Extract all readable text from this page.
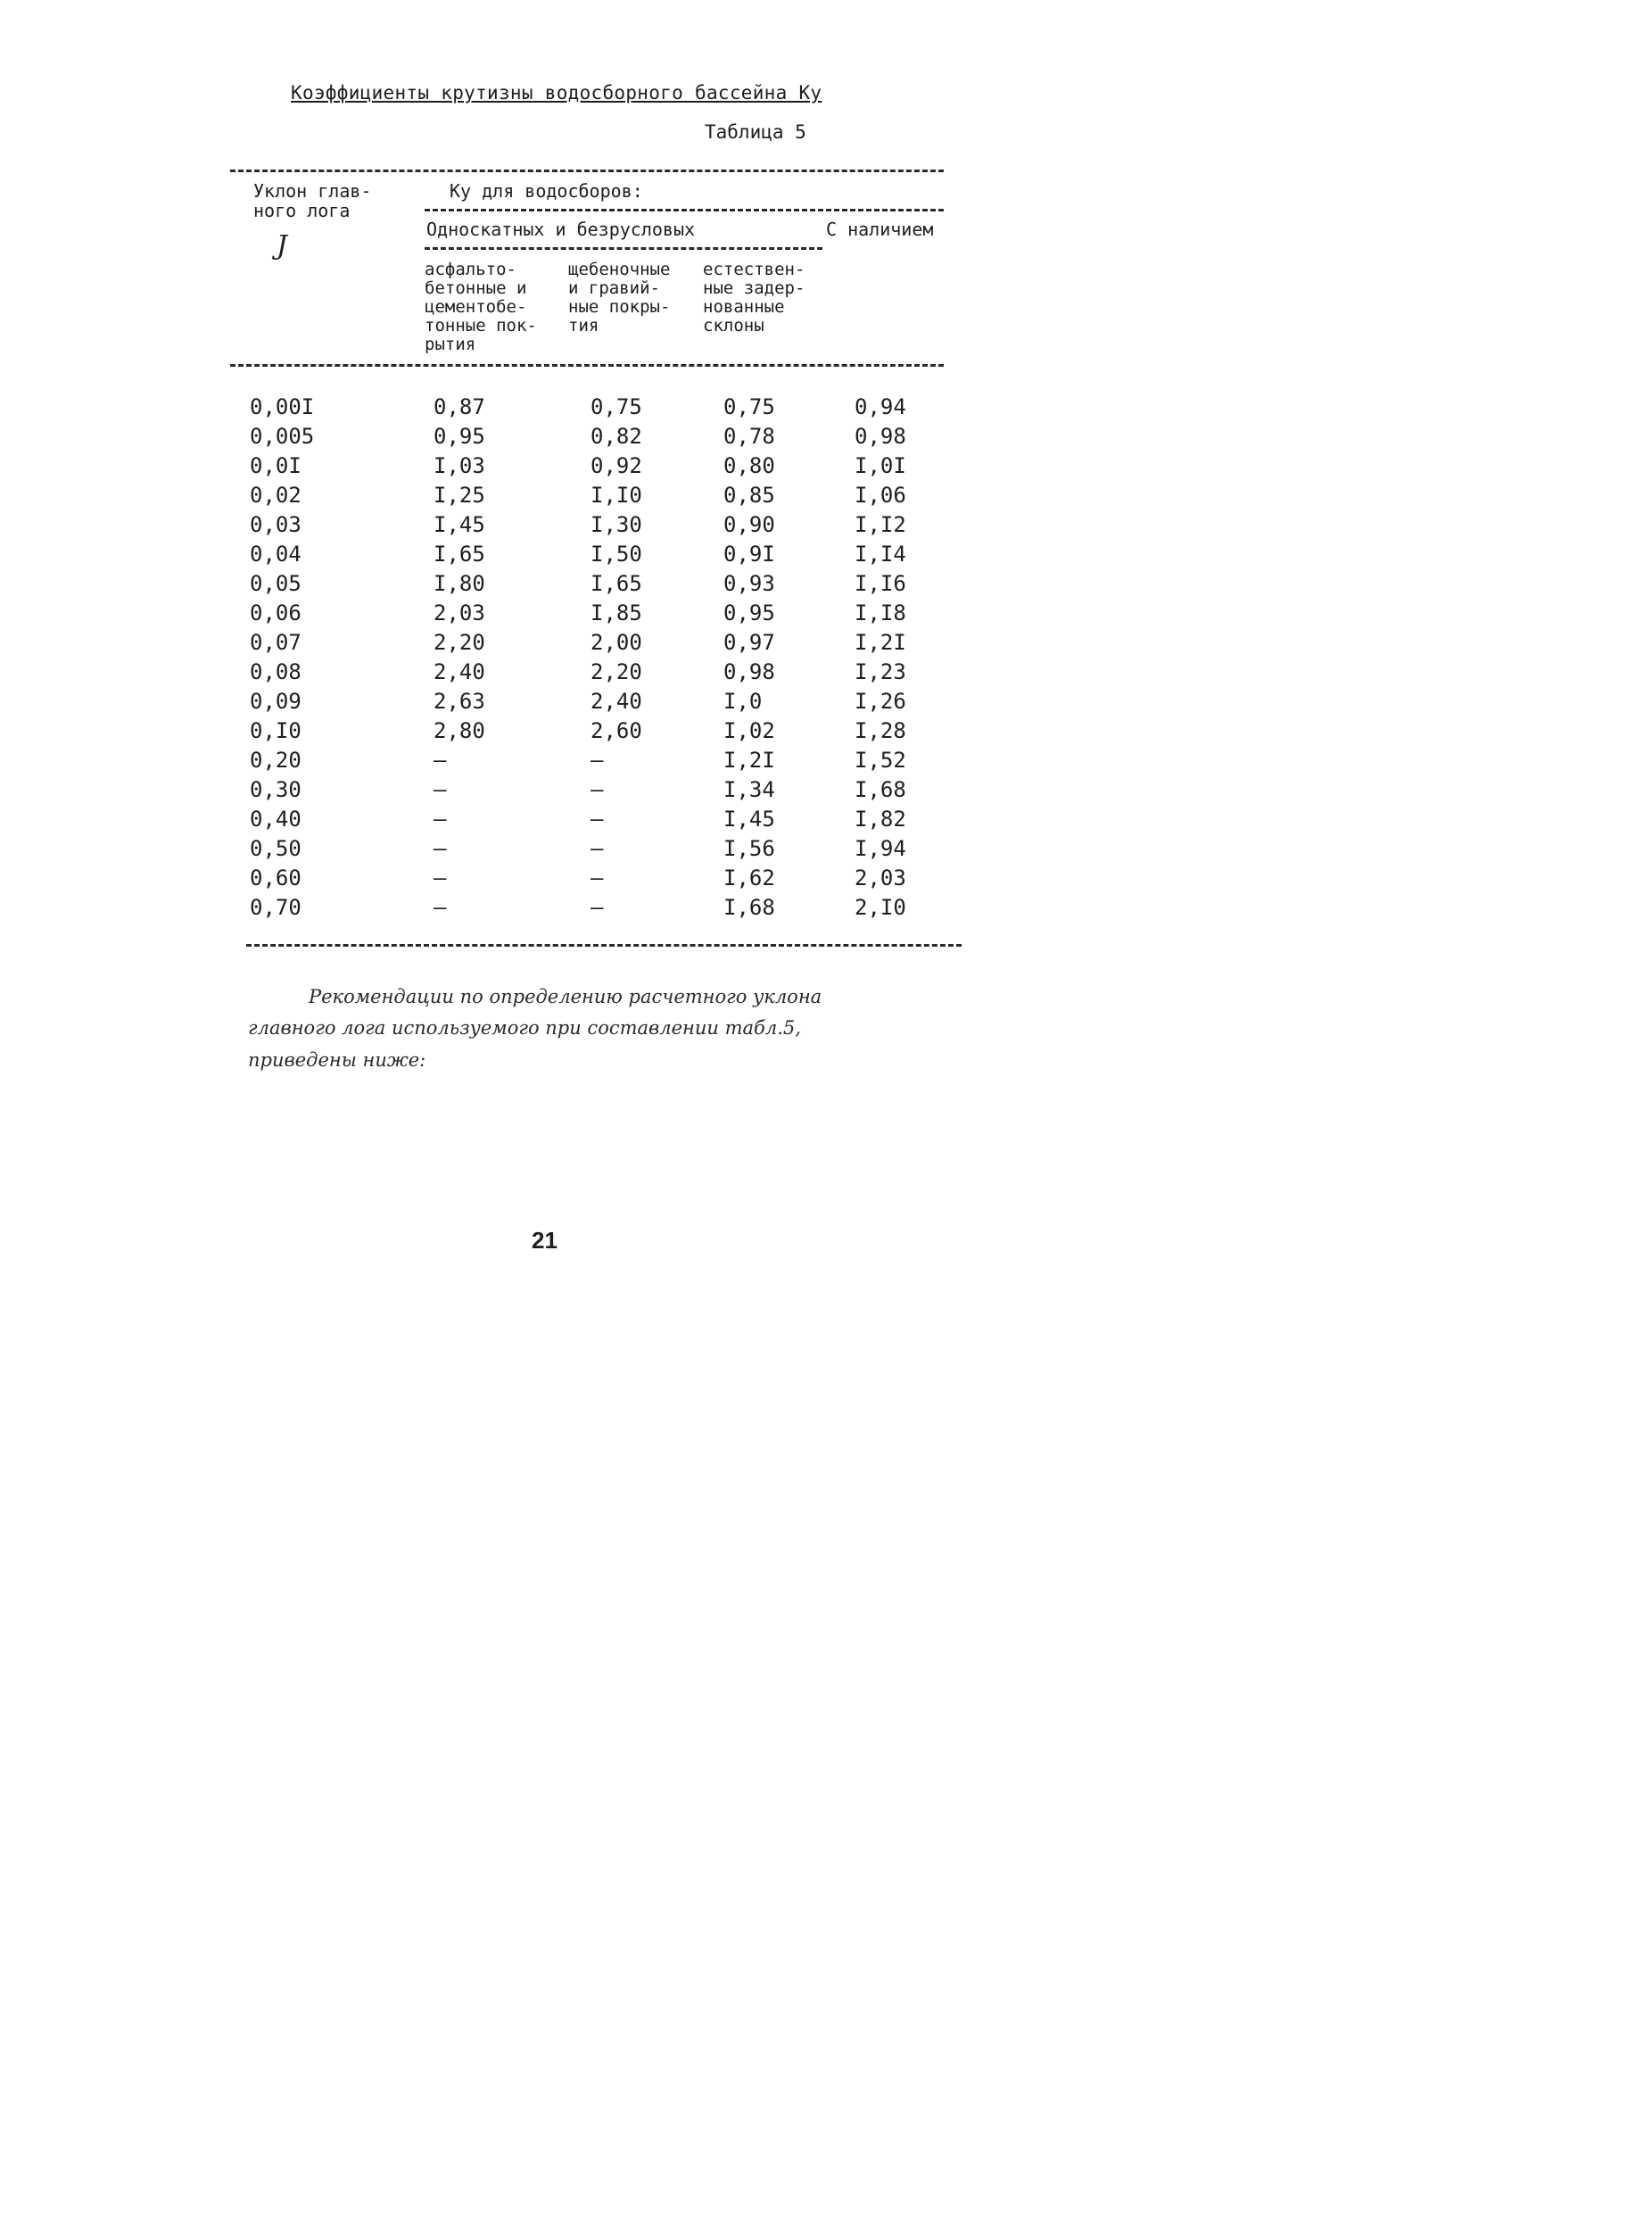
Коэффициенты крутизны водосборного бассейна Ку
Таблица 5
Уклон глав-
ного лога
J
Ку для водосборов:
Односкатных и безрусловых	С наличием
асфальто-
бетонные и
цементобе-
тонные пок-
рытия
щебеночные
и гравий-
ные покры-
тия
естествен-
ные задер-
нованные
склоны
0,00I	0,87	0,75	0,75	0,94
0,005	0,95	0,82	0,78	0,98
0,0I	I,03	0,92	0,80	I,0I
0,02	I,25	I,I0	0,85	I,06
0,03	I,45	I,30	0,90	I,I2
0,04	I,65	I,50	0,9I	I,I4
0,05	I,80	I,65	0,93	I,I6
0,06	2,03	I,85	0,95	I,I8
0,07	2,20	2,00	0,97	I,2I
0,08	2,40	2,20	0,98	I,23
0,09	2,63	2,40	I,0	I,26
0,I0	2,80	2,60	I,02	I,28
0,20	–	–	I,2I	I,52
0,30	–	–	I,34	I,68
0,40	–	–	I,45	I,82
0,50	–	–	I,56	I,94
0,60	–	–	I,62	2,03
0,70	–	–	I,68	2,I0
Рекомендации по определению расчетного уклона
главного лога используемого при составлении табл.5,
приведены ниже:
21
